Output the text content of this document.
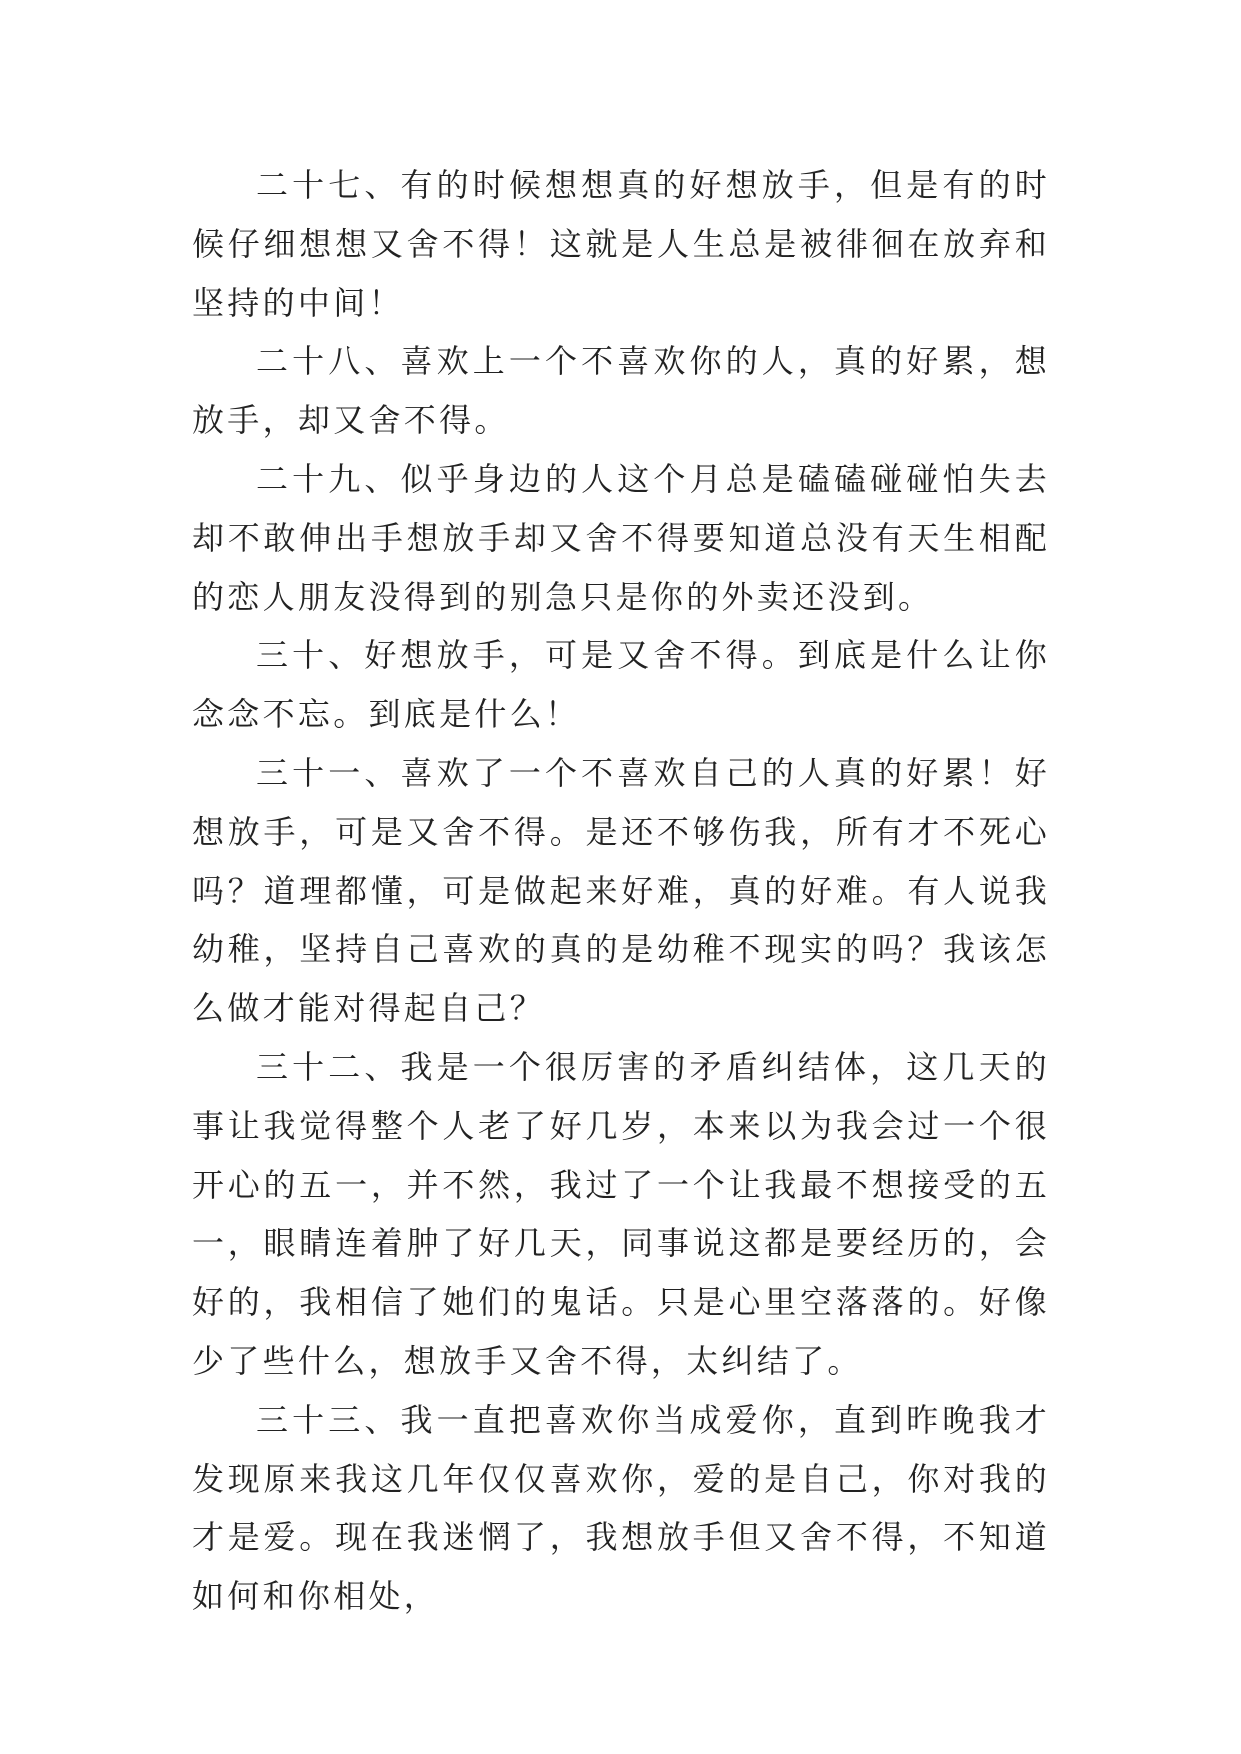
二十七、有的时候想想真的好想放手，但是有的时候仔细想想又舍不得！这就是人生总是被徘徊在放弃和坚持的中间！

二十八、喜欢上一个不喜欢你的人，真的好累，想放手，却又舍不得。

二十九、似乎身边的人这个月总是磕磕碰碰怕失去却不敢伸出手想放手却又舍不得要知道总没有天生相配的恋人朋友没得到的别急只是你的外卖还没到。

三十、好想放手，可是又舍不得。到底是什么让你念念不忘。到底是什么！

三十一、喜欢了一个不喜欢自己的人真的好累！好想放手，可是又舍不得。是还不够伤我，所有才不死心吗？道理都懂，可是做起来好难，真的好难。有人说我幼稚，坚持自己喜欢的真的是幼稚不现实的吗？我该怎么做才能对得起自己？

三十二、我是一个很厉害的矛盾纠结体，这几天的事让我觉得整个人老了好几岁，本来以为我会过一个很开心的五一，并不然，我过了一个让我最不想接受的五一，眼睛连着肿了好几天，同事说这都是要经历的，会好的，我相信了她们的鬼话。只是心里空落落的。好像少了些什么，想放手又舍不得，太纠结了。

三十三、我一直把喜欢你当成爱你，直到昨晚我才发现原来我这几年仅仅喜欢你，爱的是自己，你对我的才是爱。现在我迷惘了，我想放手但又舍不得，不知道如何和你相处，
